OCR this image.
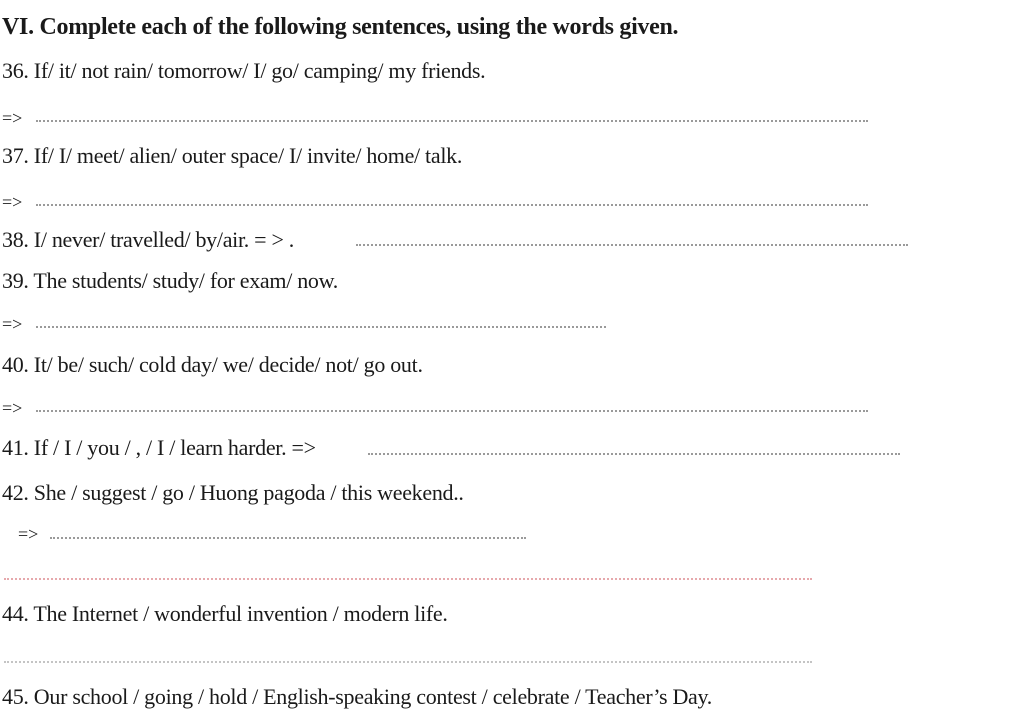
VI. Complete each of the following sentences, using the words given.
36. If/ it/ not rain/ tomorrow/ I/ go/ camping/ my friends.
=>
37. If/ I/ meet/ alien/ outer space/ I/ invite/ home/ talk.
=>
38. I/ never/ travelled/ by/air. = > .
39. The students/ study/ for exam/ now.
=>
40. It/ be/ such/ cold day/ we/ decide/ not/ go out.
=>
41. If / I / you / , / I / learn harder. =>
42. She / suggest / go / Huong pagoda / this weekend..
=>
44. The Internet / wonderful invention / modern life.
45. Our school / going / hold / English-speaking contest / celebrate / Teacher’s Day.
